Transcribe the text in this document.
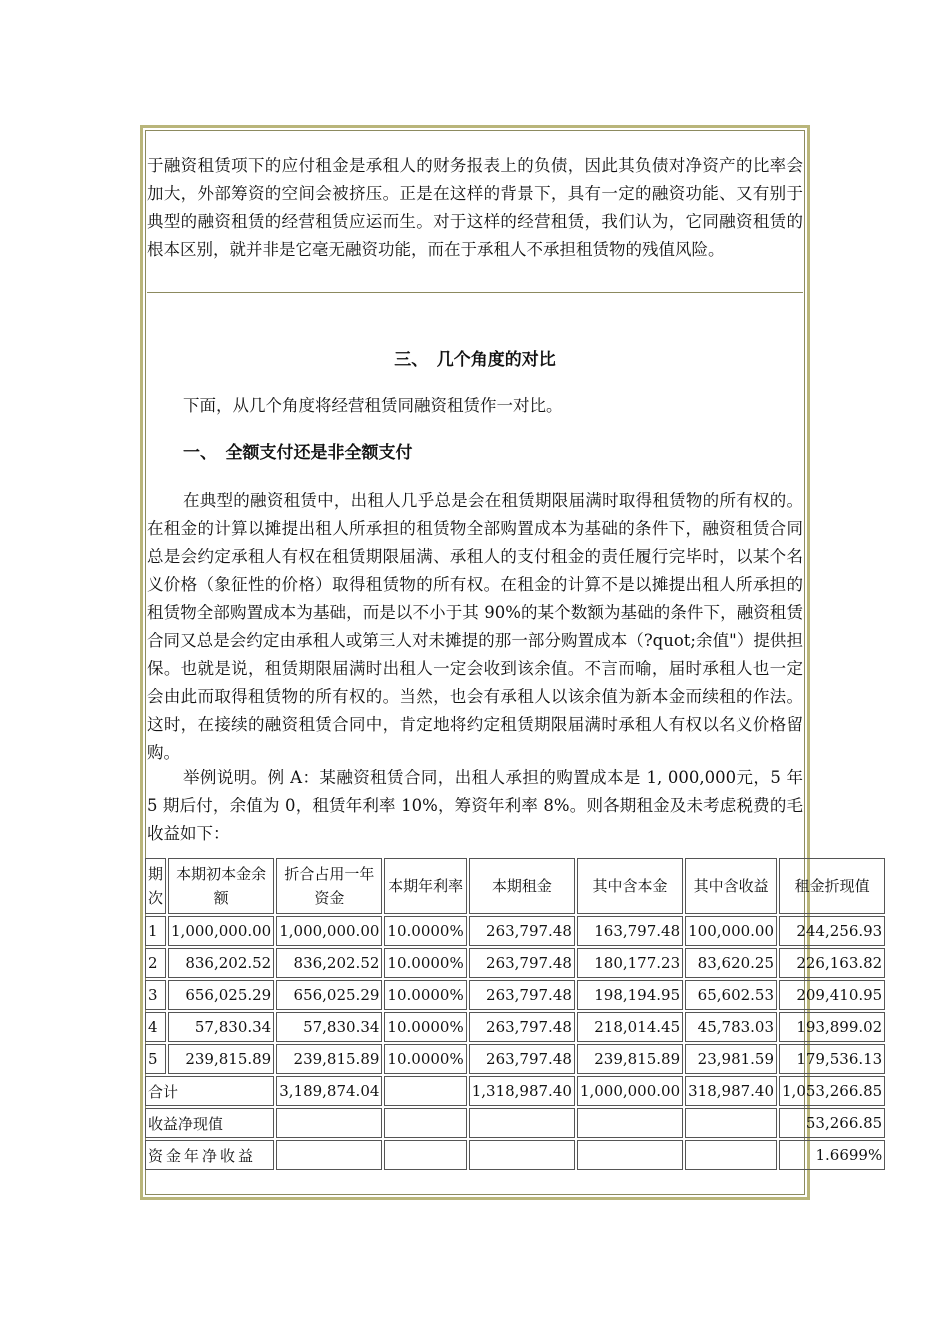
于融资租赁项下的应付租金是承租人的财务报表上的负债，因此其负债对净资产的比率会加大，外部筹资的空间会被挤压。正是在这样的背景下，具有一定的融资功能、又有别于典型的融资租赁的经营租赁应运而生。对于这样的经营租赁，我们认为，它同融资租赁的根本区别，就并非是它毫无融资功能，而在于承租人不承担租赁物的残值风险。
三、　几个角度的对比
下面，从几个角度将经营租赁同融资租赁作一对比。
一、　全额支付还是非全额支付
在典型的融资租赁中，出租人几乎总是会在租赁期限届满时取得租赁物的所有权的。在租金的计算以摊提出租人所承担的租赁物全部购置成本为基础的条件下，融资租赁合同总是会约定承租人有权在租赁期限届满、承租人的支付租金的责任履行完毕时，以某个名义价格（象征性的价格）取得租赁物的所有权。在租金的计算不是以摊提出租人所承担的租赁物全部购置成本为基础，而是以不小于其 90%的某个数额为基础的条件下，融资租赁合同又总是会约定由承租人或第三人对未摊提的那一部分购置成本（?quot;余值"）提供担保。也就是说，租赁期限届满时出租人一定会收到该余值。不言而喻，届时承租人也一定会由此而取得租赁物的所有权的。当然，也会有承租人以该余值为新本金而续租的作法。这时，在接续的融资租赁合同中，肯定地将约定租赁期限届满时承租人有权以名义价格留购。
举例说明。例 A：某融资租赁合同，出租人承担的购置成本是 1, 000,000元，5 年 5 期后付，余值为 0，租赁年利率 10%，筹资年利率 8%。则各期租金及未考虑税费的毛收益如下：
期次	本期初本金余额	折合占用一年资金	本期年利率	本期租金	其中含本金	其中含收益	租金折现值
1	1,000,000.00	1,000,000.00	10.0000%	263,797.48	163,797.48	100,000.00	244,256.93
2	836,202.52	836,202.52	10.0000%	263,797.48	180,177.23	83,620.25	226,163.82
3	656,025.29	656,025.29	10.0000%	263,797.48	198,194.95	65,602.53	209,410.95
4	57,830.34	57,830.34	10.0000%	263,797.48	218,014.45	45,783.03	193,899.02
5	239,815.89	239,815.89	10.0000%	263,797.48	239,815.89	23,981.59	179,536.13
合计		3,189,874.04		1,318,987.40	1,000,000.00	318,987.40	1,053,266.85
收益净现值							53,266.85
资金年净收益							1.6699%
